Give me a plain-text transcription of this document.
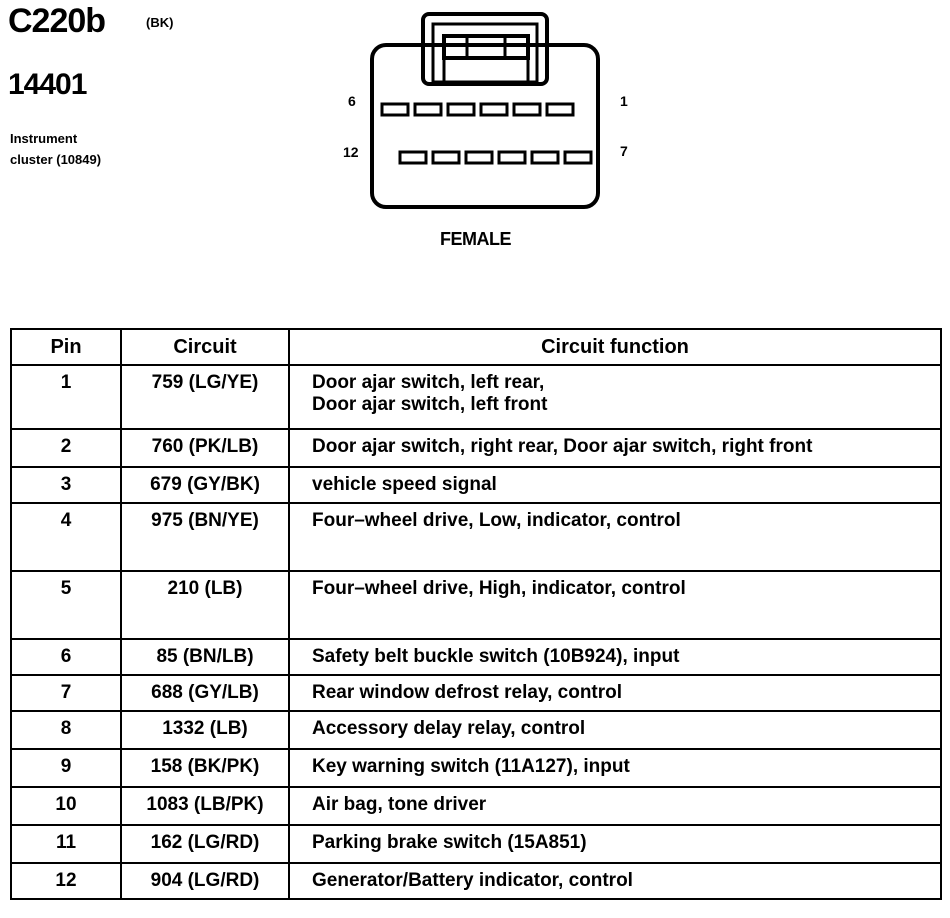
C220b	(BK)
14401
Instrument
cluster (10849)
6	1
12	7
FEMALE
Pin	Circuit	Circuit function
1	759 (LG/YE)	Door ajar switch, left rear,
Door ajar switch, left front

2	760 (PK/LB)	Door ajar switch, right rear, Door ajar switch, right front

3	679 (GY/BK)	vehicle speed signal

4	975 (BN/YE)	Four–wheel drive, Low, indicator, control

5	210 (LB)	Four–wheel drive, High, indicator, control

6	85 (BN/LB)	Safety belt buckle switch (10B924), input

7	688 (GY/LB)	Rear window defrost relay, control

8	1332 (LB)	Accessory delay relay, control

9	158 (BK/PK)	Key warning switch (11A127), input

10	1083 (LB/PK)	Air bag, tone driver

11	162 (LG/RD)	Parking brake switch (15A851)

12	904 (LG/RD)	Generator/Battery indicator, control
